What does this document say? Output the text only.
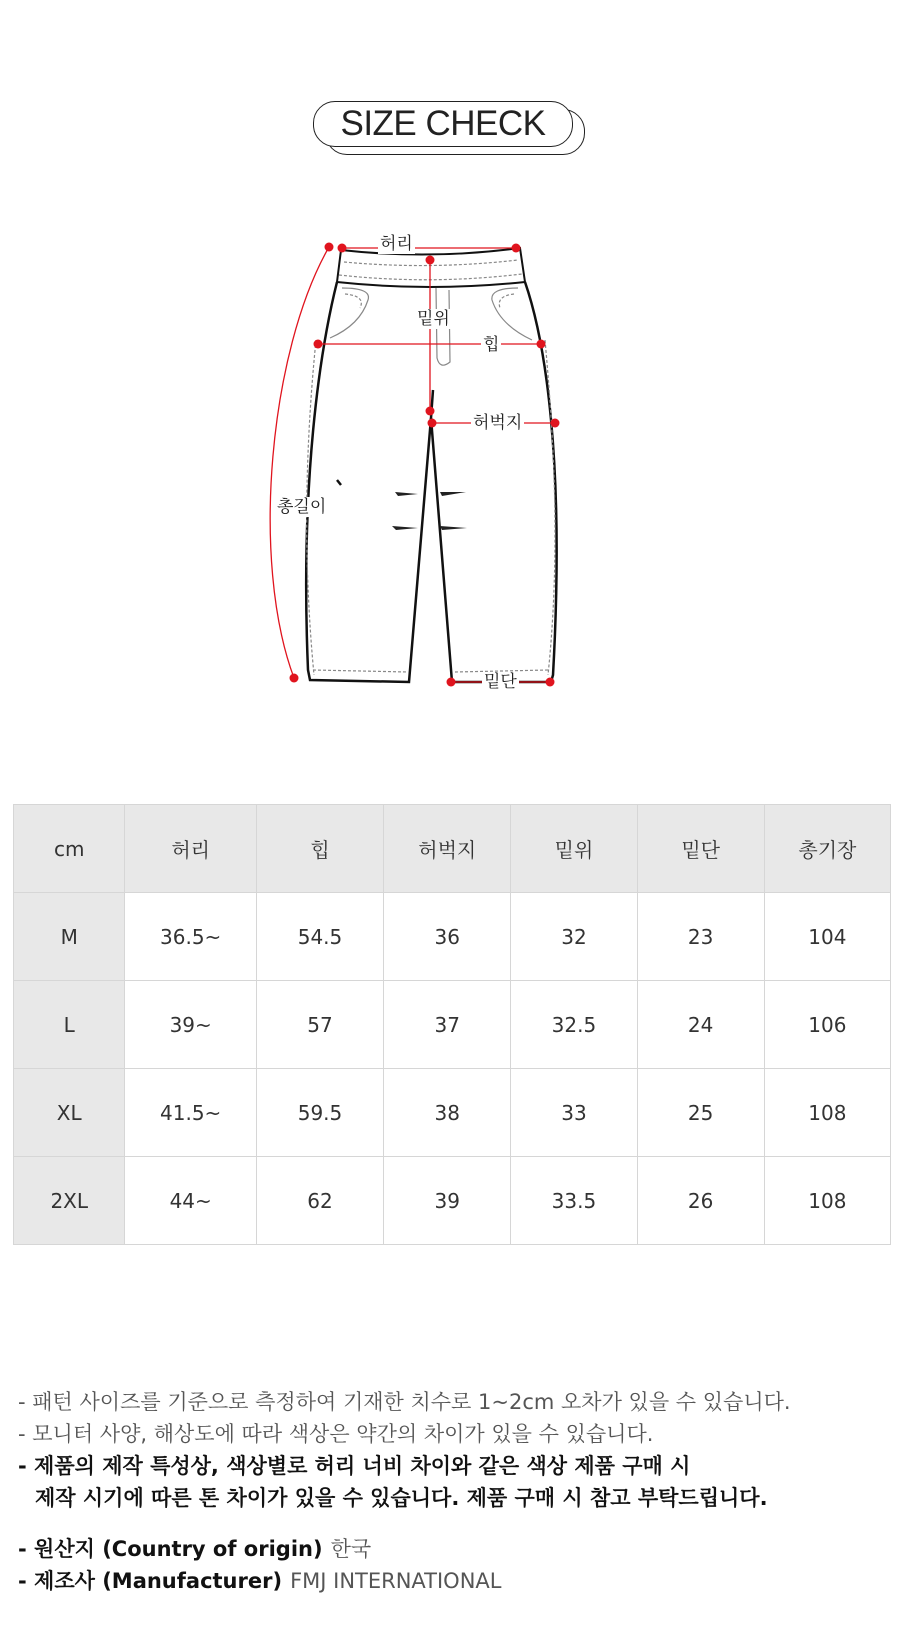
SIZE CHECK
허리
밑위
힙
허벅지
총길이
밑단
cm	허리	힙	허벅지	밑위	밑단	총기장
M	36.5~	54.5	36	32	23	104
L	39~	57	37	32.5	24	106
XL	41.5~	59.5	38	33	25	108
2XL	44~	62	39	33.5	26	108
- 패턴 사이즈를 기준으로 측정하여 기재한 치수로 1~2cm 오차가 있을 수 있습니다.
- 모니터 사양, 해상도에 따라 색상은 약간의 차이가 있을 수 있습니다.
- 제품의 제작 특성상, 색상별로 허리 너비 차이와 같은 색상 제품 구매 시
제작 시기에 따른 톤 차이가 있을 수 있습니다. 제품 구매 시 참고 부탁드립니다.
- 원산지 (Country of origin) 한국
- 제조사 (Manufacturer) FMJ INTERNATIONAL
